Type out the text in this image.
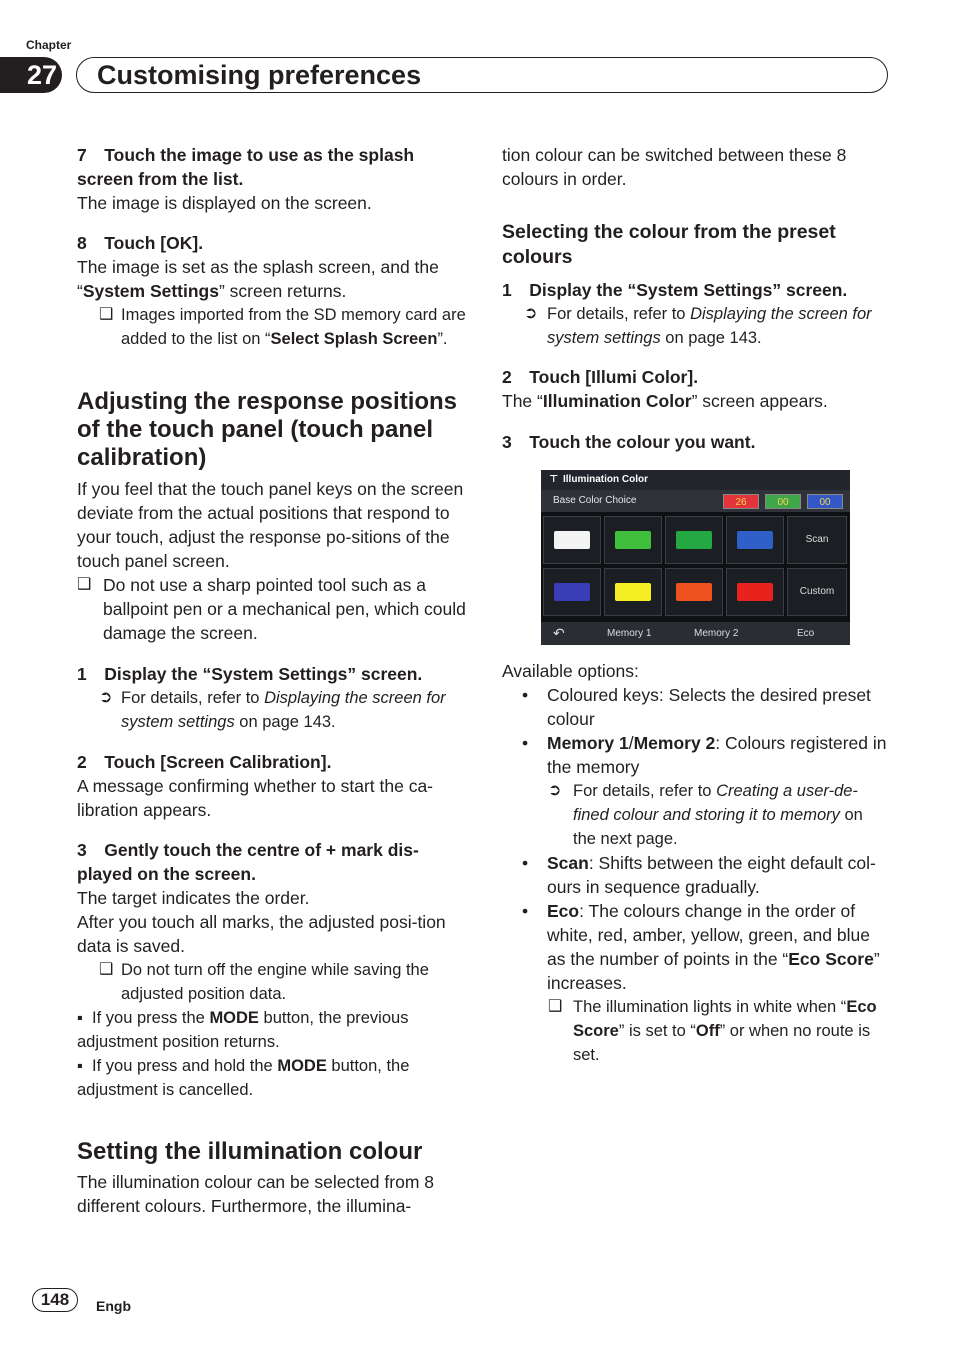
Chapter
27 Customising preferences

7 Touch the image to use as the splash screen from the list.

The image is displayed on the screen.

8 Touch [OK].

The image is set as the splash screen, and the “System Settings” screen returns.

❑ Images imported from the SD memory card are added to the list on “Select Splash Screen”.

Adjusting the response positions of the touch panel (touch panel calibration)

If you feel that the touch panel keys on the screen deviate from the actual positions that respond to your touch, adjust the response po-sitions of the touch panel screen.

❑ Do not use a sharp pointed tool such as a ballpoint pen or a mechanical pen, which could damage the screen.

1 Display the “System Settings” screen.

➲ For details, refer to Displaying the screen for system settings on page 143.

2 Touch [Screen Calibration].

A message confirming whether to start the ca-libration appears.

3 Gently touch the centre of + mark dis-played on the screen.

The target indicates the order.

After you touch all marks, the adjusted posi-tion data is saved.

❑ Do not turn off the engine while saving the adjusted position data.

▪  If you press the MODE button, the previous adjustment position returns.

▪  If you press and hold the MODE button, the adjustment is cancelled.

Setting the illumination colour

The illumination colour can be selected from 8 different colours. Furthermore, the illumina-

tion colour can be switched between these 8 colours in order.

Selecting the colour from the preset colours

1 Display the “System Settings” screen.

➲ For details, refer to Displaying the screen for system settings on page 143.

2 Touch [Illumi Color].

The “Illumination Color” screen appears.

3 Touch the colour you want.

⊤ Illumination Color
Base Color Choice	26	00	00
Scan
Custom
↶	Memory 1	Memory 2	Eco

Available options:

• Coloured keys: Selects the desired preset colour

• Memory 1/Memory 2: Colours registered in the memory

➲ For details, refer to Creating a user-de-fined colour and storing it to memory on the next page.

• Scan: Shifts between the eight default col-ours in sequence gradually.

• Eco: The colours change in the order of white, red, amber, yellow, green, and blue as the number of points in the “Eco Score” increases.

❑ The illumination lights in white when “Eco Score” is set to “Off” or when no route is set.

148	Engb
